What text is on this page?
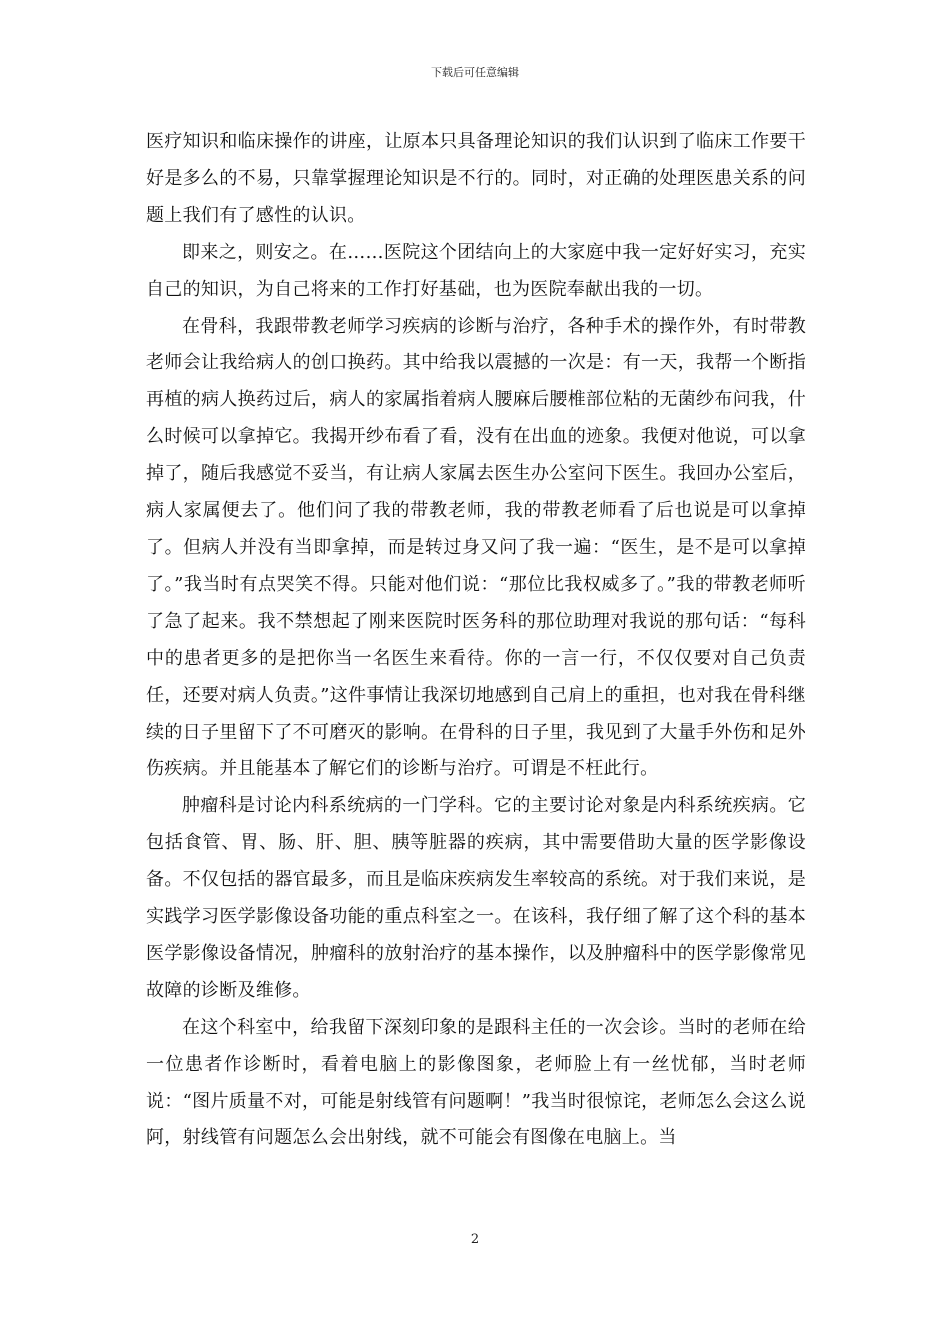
下载后可任意编辑

医疗知识和临床操作的讲座，让原本只具备理论知识的我们认识到了临床工作要干好是多么的不易，只靠掌握理论知识是不行的。同时，对正确的处理医患关系的问题上我们有了感性的认识。

即来之，则安之。在……医院这个团结向上的大家庭中我一定好好实习，充实自己的知识，为自己将来的工作打好基础，也为医院奉献出我的一切。

在骨科，我跟带教老师学习疾病的诊断与治疗，各种手术的操作外，有时带教老师会让我给病人的创口换药。其中给我以震撼的一次是：有一天，我帮一个断指再植的病人换药过后，病人的家属指着病人腰麻后腰椎部位粘的无菌纱布问我，什么时候可以拿掉它。我揭开纱布看了看，没有在出血的迹象。我便对他说，可以拿掉了，随后我感觉不妥当，有让病人家属去医生办公室问下医生。我回办公室后，病人家属便去了。他们问了我的带教老师，我的带教老师看了后也说是可以拿掉了。但病人并没有当即拿掉，而是转过身又问了我一遍：“医生，是不是可以拿掉了。”我当时有点哭笑不得。只能对他们说：“那位比我权威多了。”我的带教老师听了急了起来。我不禁想起了刚来医院时医务科的那位助理对我说的那句话：“每科中的患者更多的是把你当一名医生来看待。你的一言一行，不仅仅要对自己负责任，还要对病人负责。”这件事情让我深切地感到自己肩上的重担，也对我在骨科继续的日子里留下了不可磨灭的影响。在骨科的日子里，我见到了大量手外伤和足外伤疾病。并且能基本了解它们的诊断与治疗。可谓是不枉此行。

肿瘤科是讨论内科系统病的一门学科。它的主要讨论对象是内科系统疾病。它包括食管、胃、肠、肝、胆、胰等脏器的疾病，其中需要借助大量的医学影像设备。不仅包括的器官最多，而且是临床疾病发生率较高的系统。对于我们来说，是实践学习医学影像设备功能的重点科室之一。在该科，我仔细了解了这个科的基本医学影像设备情况，肿瘤科的放射治疗的基本操作，以及肿瘤科中的医学影像常见故障的诊断及维修。

在这个科室中，给我留下深刻印象的是跟科主任的一次会诊。当时的老师在给一位患者作诊断时，看着电脑上的影像图象，老师脸上有一丝忧郁，当时老师说：“图片质量不对，可能是射线管有问题啊！”我当时很惊诧，老师怎么会这么说阿，射线管有问题怎么会出射线，就不可能会有图像在电脑上。当

2
